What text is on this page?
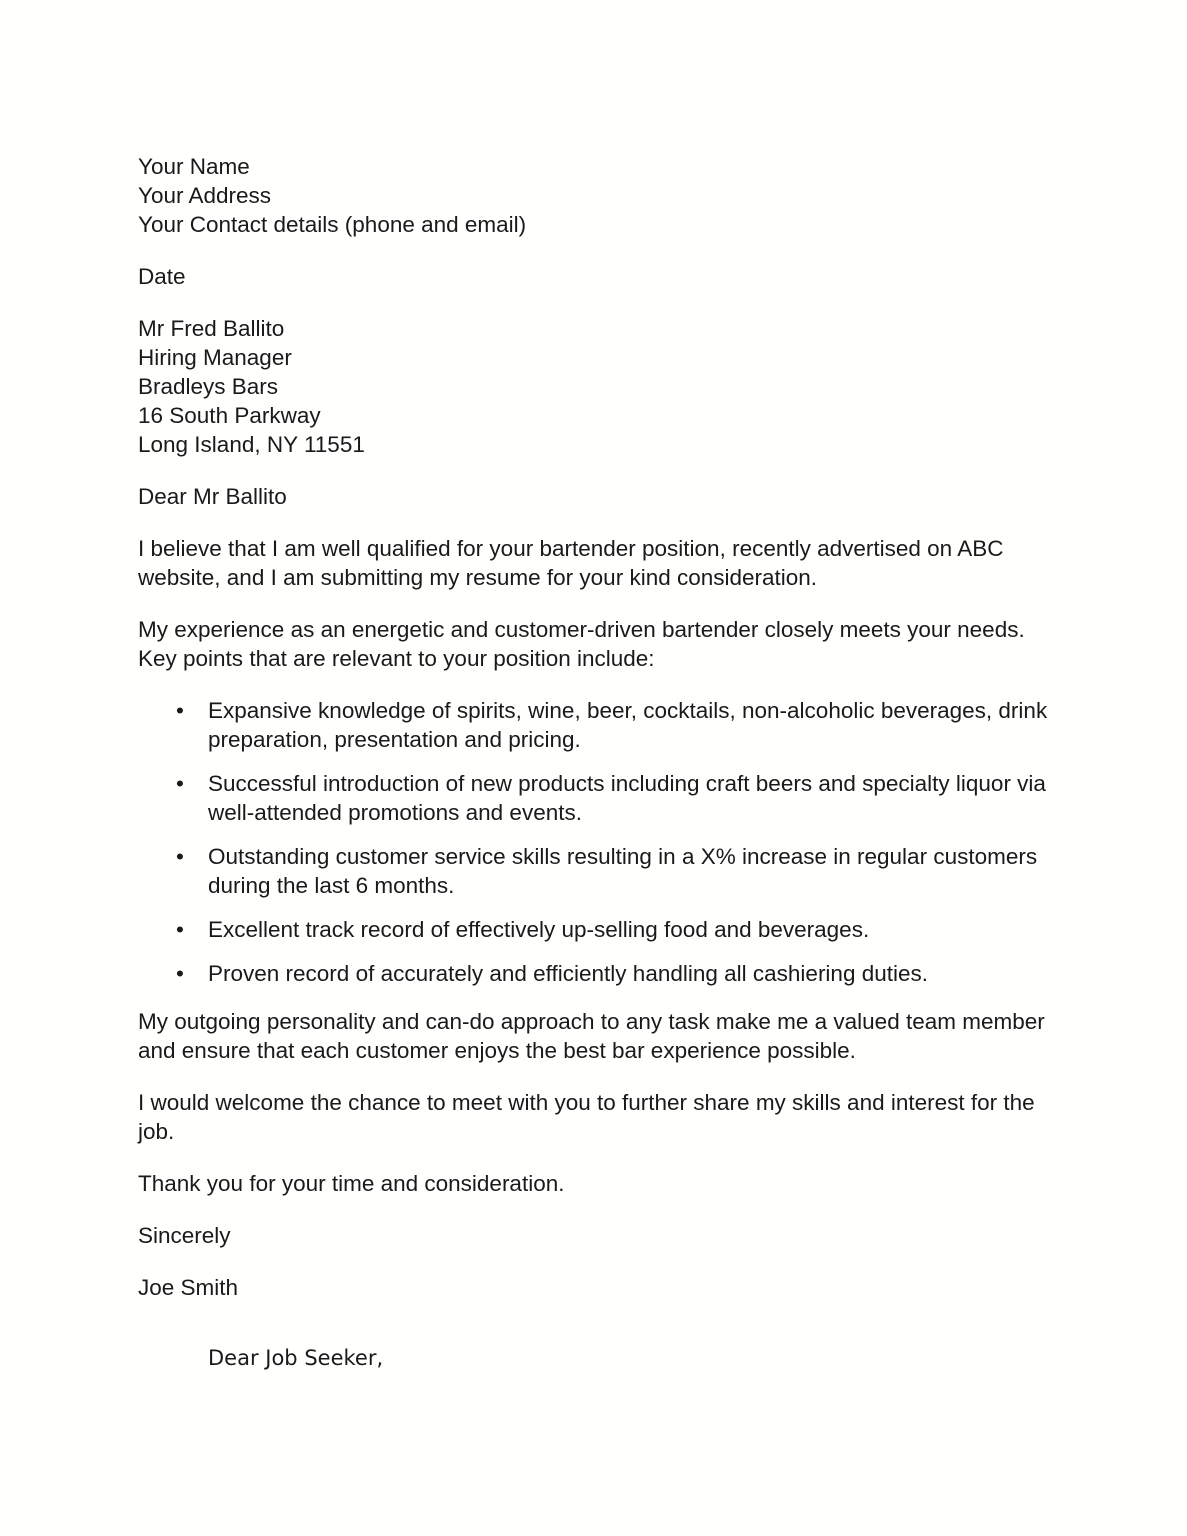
Your Name
Your Address
Your Contact details (phone and email)
Date
Mr Fred Ballito
Hiring Manager
Bradleys Bars
16 South Parkway
Long Island, NY 11551

Dear Mr Ballito

I believe that I am well qualified for your bartender position, recently advertised on ABC website, and I am submitting my resume for your kind consideration.

My experience as an energetic and customer-driven bartender closely meets your needs. Key points that are relevant to your position include:

• Expansive knowledge of spirits, wine, beer, cocktails, non-alcoholic beverages, drink preparation, presentation and pricing.
• Successful introduction of new products including craft beers and specialty liquor via well-attended promotions and events.
• Outstanding customer service skills resulting in a X% increase in regular customers during the last 6 months.
• Excellent track record of effectively up-selling food and beverages.
• Proven record of accurately and efficiently handling all cashiering duties.

My outgoing personality and can-do approach to any task make me a valued team member and ensure that each customer enjoys the best bar experience possible.

I would welcome the chance to meet with you to further share my skills and interest for the job.

Thank you for your time and consideration.

Sincerely

Joe Smith

Dear Job Seeker,
